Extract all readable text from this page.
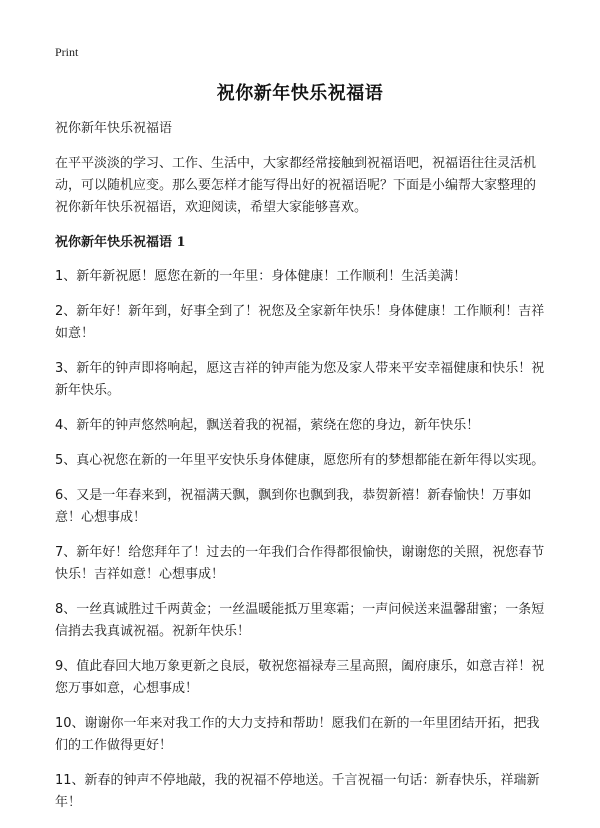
Print
祝你新年快乐祝福语

祝你新年快乐祝福语

在平平淡淡的学习、工作、生活中，大家都经常接触到祝福语吧，祝福语往往灵活机动，可以随机应变。那么要怎样才能写得出好的祝福语呢？下面是小编帮大家整理的祝你新年快乐祝福语，欢迎阅读，希望大家能够喜欢。

祝你新年快乐祝福语 1

1、新年新祝愿！愿您在新的一年里：身体健康！工作顺利！生活美满！

2、新年好！新年到，好事全到了！祝您及全家新年快乐！身体健康！工作顺利！吉祥如意！

3、新年的钟声即将响起，愿这吉祥的钟声能为您及家人带来平安幸福健康和快乐！祝新年快乐。

4、新年的钟声悠然响起，飘送着我的祝福，萦绕在您的身边，新年快乐！

5、真心祝您在新的一年里平安快乐身体健康，愿您所有的梦想都能在新年得以实现。

6、又是一年春来到，祝福满天飘，飘到你也飘到我，恭贺新禧！新春愉快！万事如意！心想事成！

7、新年好！给您拜年了！过去的一年我们合作得都很愉快，谢谢您的关照，祝您春节快乐！吉祥如意！心想事成！

8、一丝真诚胜过千两黄金；一丝温暖能抵万里寒霜；一声问候送来温馨甜蜜；一条短信捎去我真诚祝福。祝新年快乐！

9、值此春回大地万象更新之良辰，敬祝您福禄寿三星高照，阖府康乐，如意吉祥！祝您万事如意，心想事成！

10、谢谢你一年来对我工作的大力支持和帮助！愿我们在新的一年里团结开拓，把我们的工作做得更好！

11、新春的钟声不停地敲，我的祝福不停地送。千言祝福一句话：新春快乐，祥瑞新年！
